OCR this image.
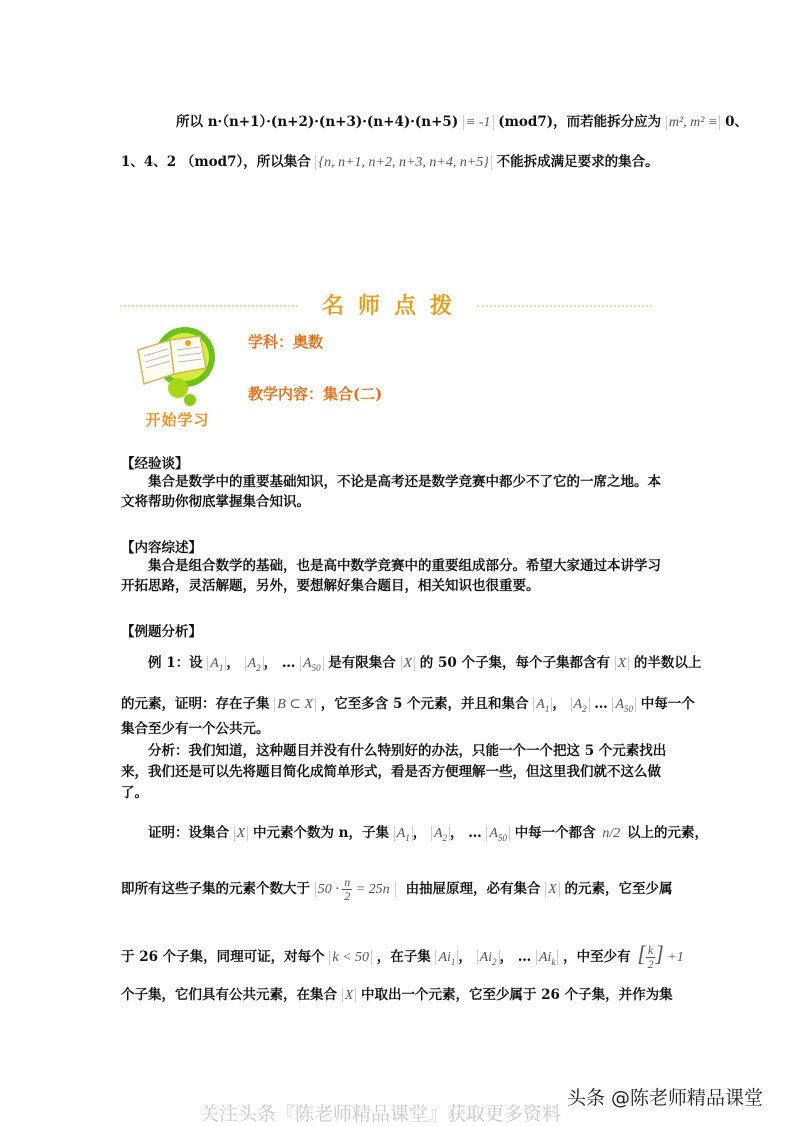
所以 n·（n+1）·(n+2)·(n+3)·(n+4)·(n+5) ≡ -1 (mod7)，而若能拆分应为 m², m² ≡ 0、
1、4、2 （mod7），所以集合 {n, n+1, n+2, n+3, n+4, n+5} 不能拆成满足要求的集合。
名师点拨
开始学习
学科：奥数
教学内容：集合(二)
【经验谈】
集合是数学中的重要基础知识，不论是高考还是数学竞赛中都少不了它的一席之地。本
文将帮助你彻底掌握集合知识。
【内容综述】
集合是组合数学的基础，也是高中数学竞赛中的重要组成部分。希望大家通过本讲学习
开拓思路，灵活解题，另外，要想解好集合题目，相关知识也很重要。
【例题分析】
例 1：设 $A_1$ ， $A_2$ ， … $A_{50}$ 是有限集合 X 的 50 个子集，每个子集都含有 X 的半数以上
的元素，证明：存在子集 B ⊂ X ，它至多含 5 个元素，并且和集合 $A_1$ ， $A_2$ … $A_{50}$ 中每一个
集合至少有一个公共元。
分析：我们知道，这种题目并没有什么特别好的办法，只能一个一个把这 5 个元素找出
来，我们还是可以先将题目简化成简单形式，看是否方便理解一些，但这里我们就不这么做
了。
证明：设集合 X 中元素个数为 n，子集 $A_1$ ， $A_2$ ， … $A_{50}$ 中每一个都含 n/2 以上的元素，
即所有这些子集的元素个数大于 $50 \cdot \frac{n}{2} = 25n$ 由抽屉原理，必有集合 X 的元素，它至少属
于 26 个子集，同理可证，对每个 k < 50 ，在子集 $Ai_1$ ， $Ai_2$ ， … $Ai_k$ ，中至少有 [ $\frac{k}{2}] +1$
个子集，它们具有公共元素，在集合 X 中取出一个元素，它至少属于 26 个子集，并作为集
关注头条『陈老师精品课堂』获取更多资料
头条 @陈老师精品课堂
